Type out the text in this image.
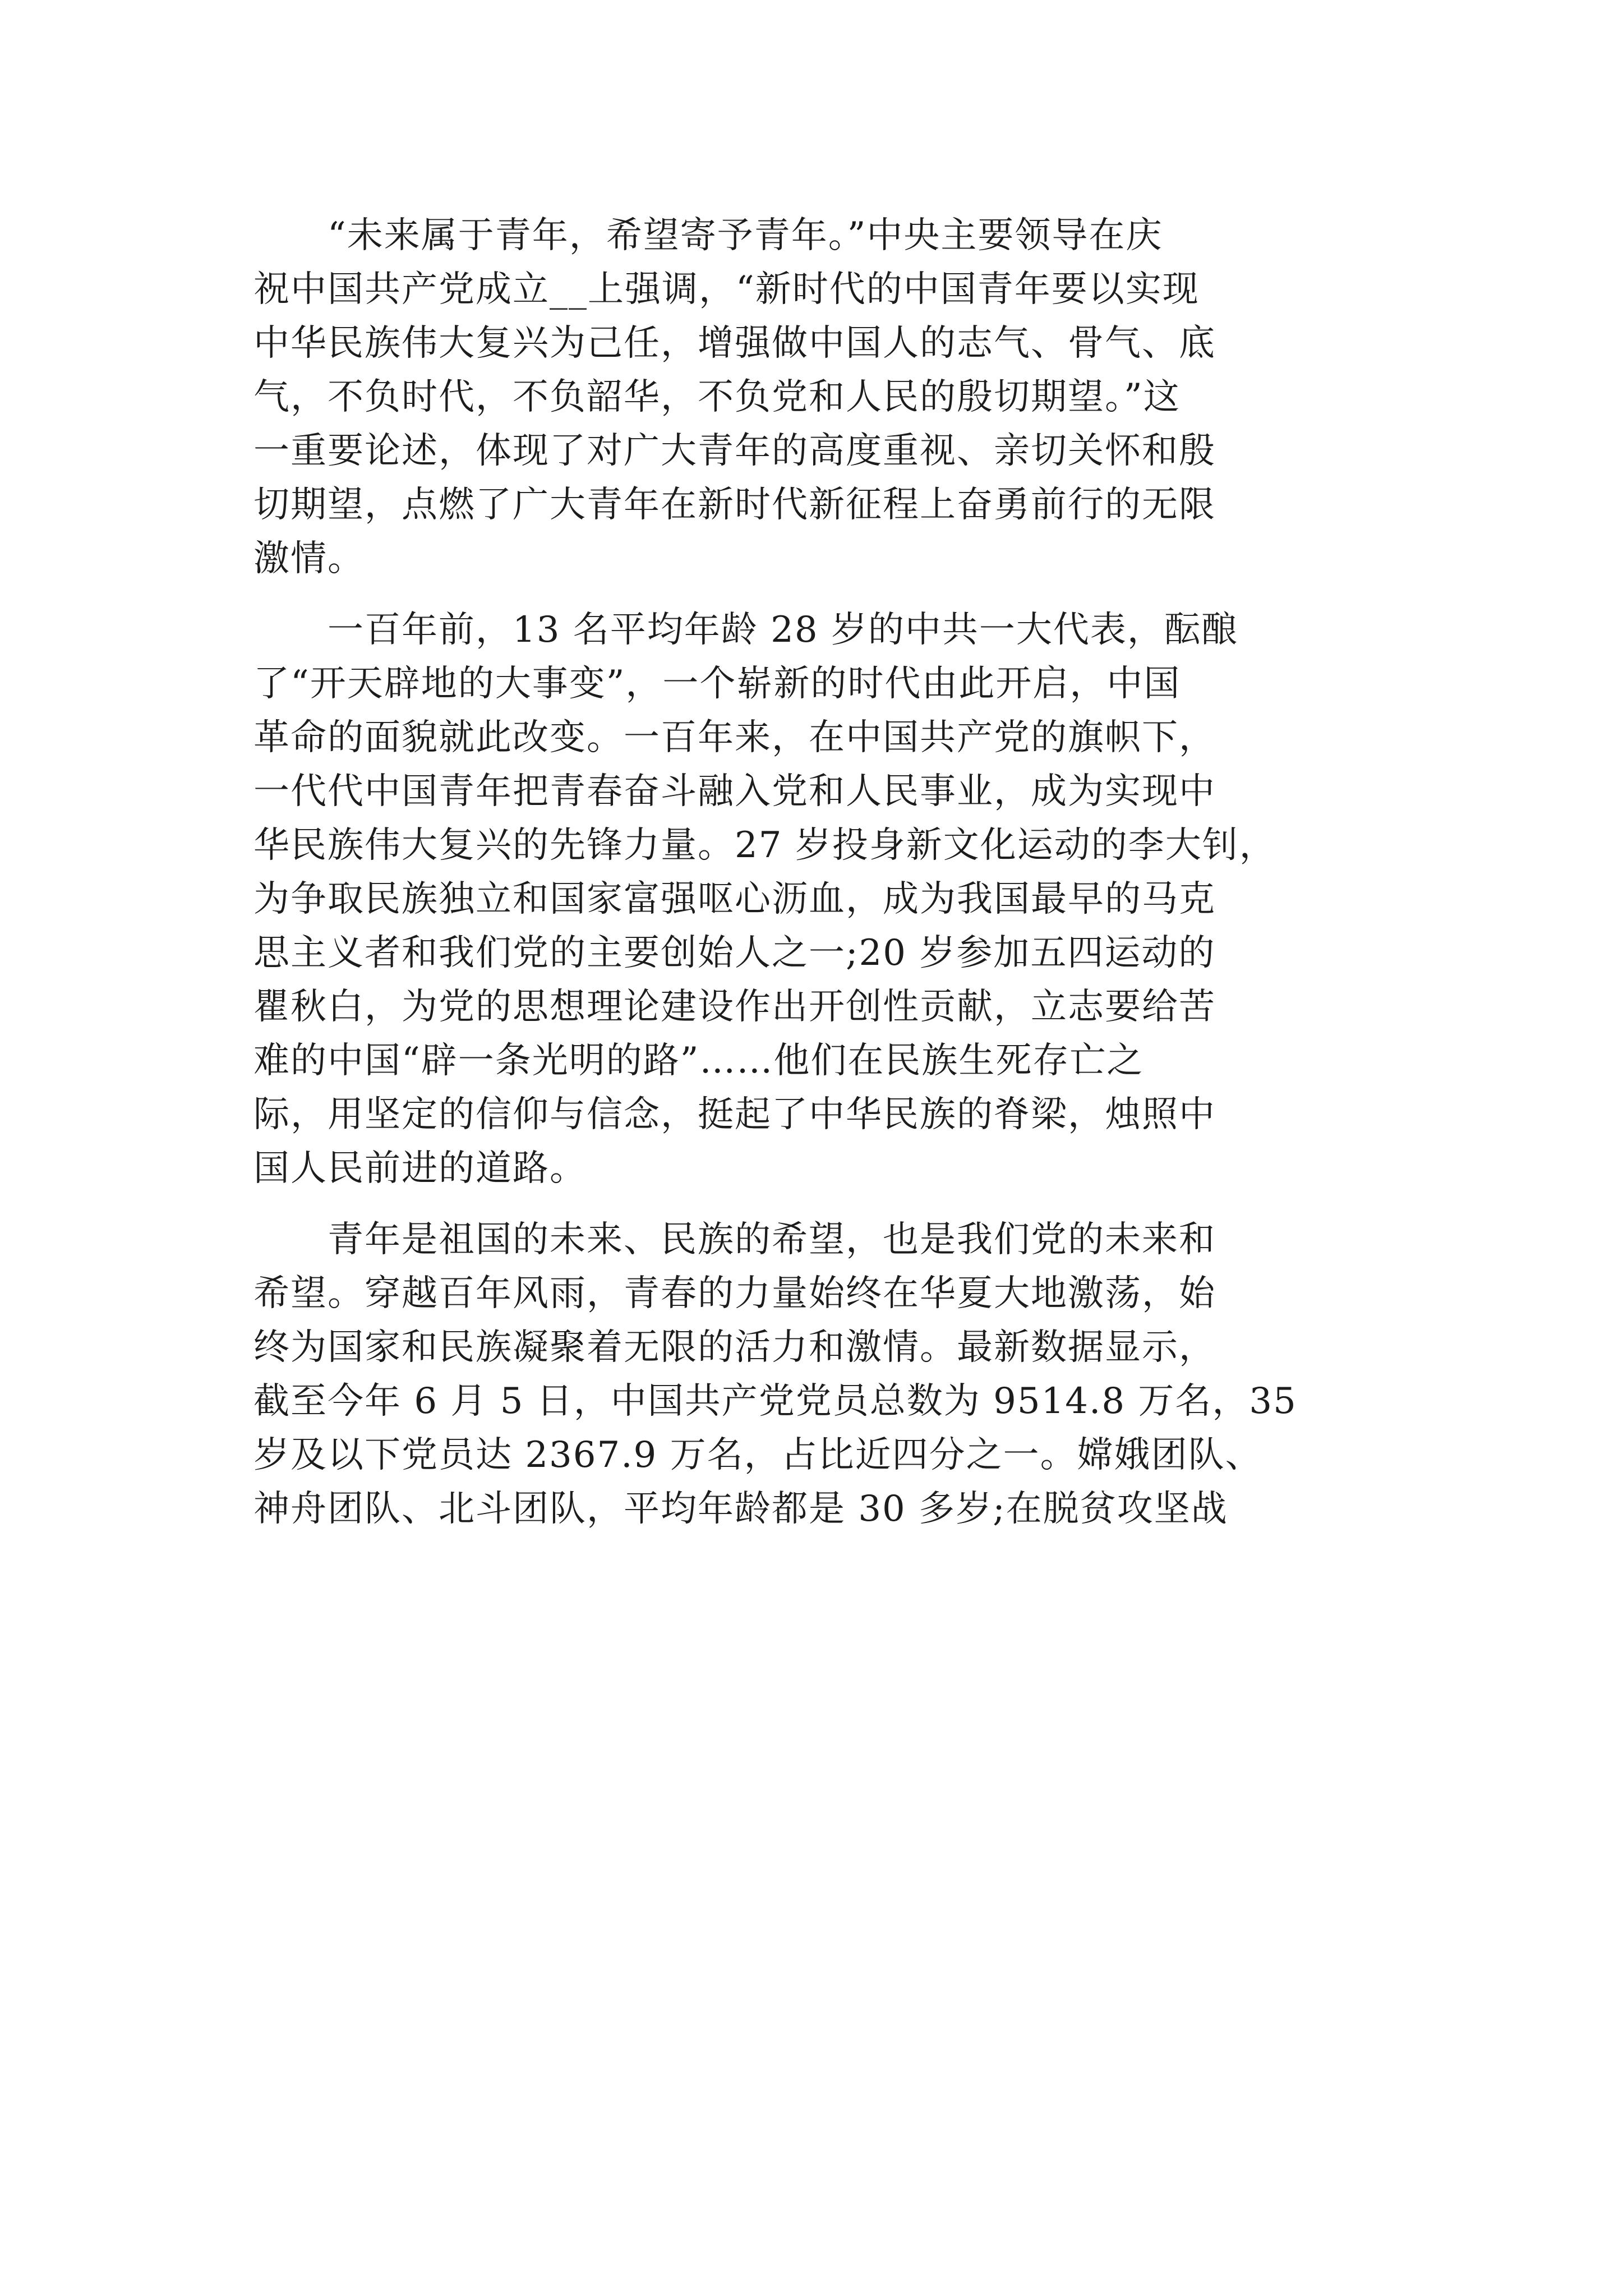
“未来属于青年，希望寄予青年。”中央主要领导在庆
祝中国共产党成立__上强调，“新时代的中国青年要以实现
中华民族伟大复兴为己任，增强做中国人的志气、骨气、底
气，不负时代，不负韶华，不负党和人民的殷切期望。”这
一重要论述，体现了对广大青年的高度重视、亲切关怀和殷
切期望，点燃了广大青年在新时代新征程上奋勇前行的无限
激情。
一百年前，13 名平均年龄 28 岁的中共一大代表，酝酿
了“开天辟地的大事变”，一个崭新的时代由此开启，中国
革命的面貌就此改变。一百年来，在中国共产党的旗帜下，
一代代中国青年把青春奋斗融入党和人民事业，成为实现中
华民族伟大复兴的先锋力量。27 岁投身新文化运动的李大钊，
为争取民族独立和国家富强呕心沥血，成为我国最早的马克
思主义者和我们党的主要创始人之一;20 岁参加五四运动的
瞿秋白，为党的思想理论建设作出开创性贡献，立志要给苦
难的中国“辟一条光明的路”……他们在民族生死存亡之
际，用坚定的信仰与信念，挺起了中华民族的脊梁，烛照中
国人民前进的道路。
青年是祖国的未来、民族的希望，也是我们党的未来和
希望。穿越百年风雨，青春的力量始终在华夏大地激荡，始
终为国家和民族凝聚着无限的活力和激情。最新数据显示，
截至今年 6 月 5 日，中国共产党党员总数为 9514.8 万名，35
岁及以下党员达 2367.9 万名，占比近四分之一。嫦娥团队、
神舟团队、北斗团队，平均年龄都是 30 多岁;在脱贫攻坚战
